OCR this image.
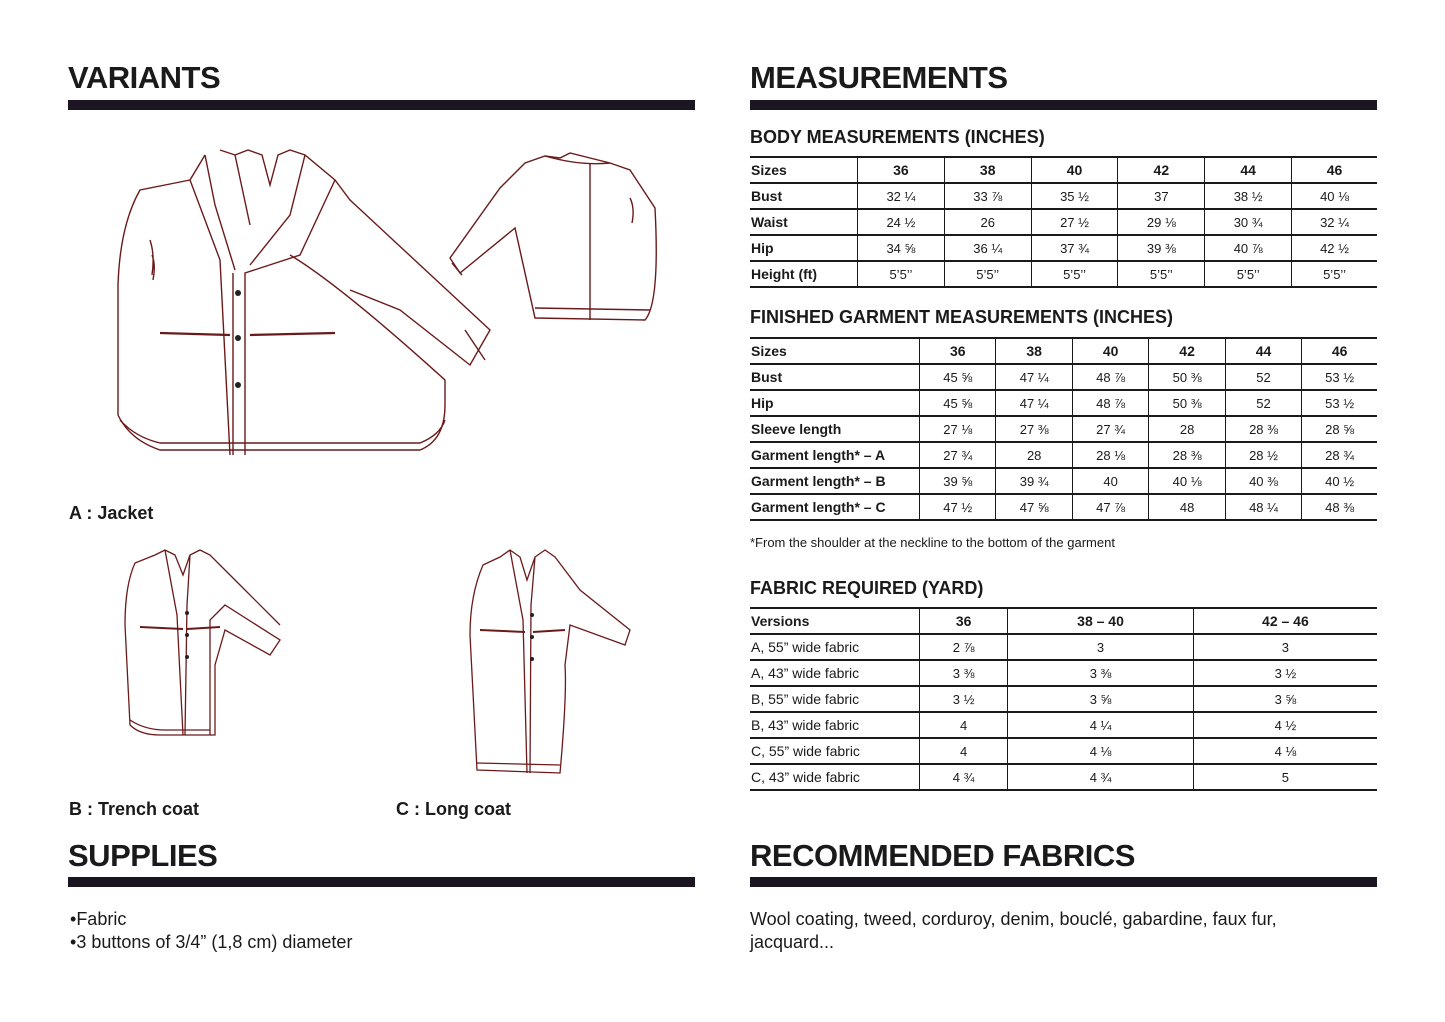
VARIANTS
A : Jacket
B : Trench coat	C : Long coat
SUPPLIES
• Fabric
• 3 buttons of 3/4” (1,8 cm) diameter
MEASUREMENTS
BODY MEASUREMENTS (INCHES)
Sizes	36	38	40	42	44	46
Bust	32 ¼	33 ⅞	35 ½	37	38 ½	40 ⅛
Waist	24 ½	26	27 ½	29 ⅛	30 ¾	32 ¼
Hip	34 ⅝	36 ¼	37 ¾	39 ⅜	40 ⅞	42 ½
Height (ft)	5’5’’	5’5’’	5’5’’	5’5’’	5’5’’	5’5’’
FINISHED GARMENT MEASUREMENTS (INCHES)
Sizes	36	38	40	42	44	46
Bust	45 ⅝	47 ¼	48 ⅞	50 ⅜	52	53 ½
Hip	45 ⅝	47 ¼	48 ⅞	50 ⅜	52	53 ½
Sleeve length	27 ⅛	27 ⅜	27 ¾	28	28 ⅜	28 ⅝
Garment length* – A	27 ¾	28	28 ⅛	28 ⅜	28 ½	28 ¾
Garment length* – B	39 ⅝	39 ¾	40	40 ⅛	40 ⅜	40 ½
Garment length* – C	47 ½	47 ⅝	47 ⅞	48	48 ¼	48 ⅜
*From the shoulder at the neckline to the bottom of the garment
FABRIC REQUIRED (YARD)
Versions	36	38 – 40	42 – 46
A, 55” wide fabric	2 ⅞	3	3
A, 43” wide fabric	3 ⅜	3 ⅜	3 ½
B, 55” wide fabric	3 ½	3 ⅝	3 ⅝
B, 43” wide fabric	4	4 ¼	4 ½
C, 55” wide fabric	4	4 ⅛	4 ⅛
C, 43” wide fabric	4 ¾	4 ¾	5
RECOMMENDED FABRICS

Wool coating, tweed, corduroy, denim, bouclé, gabardine, faux fur, jacquard...
